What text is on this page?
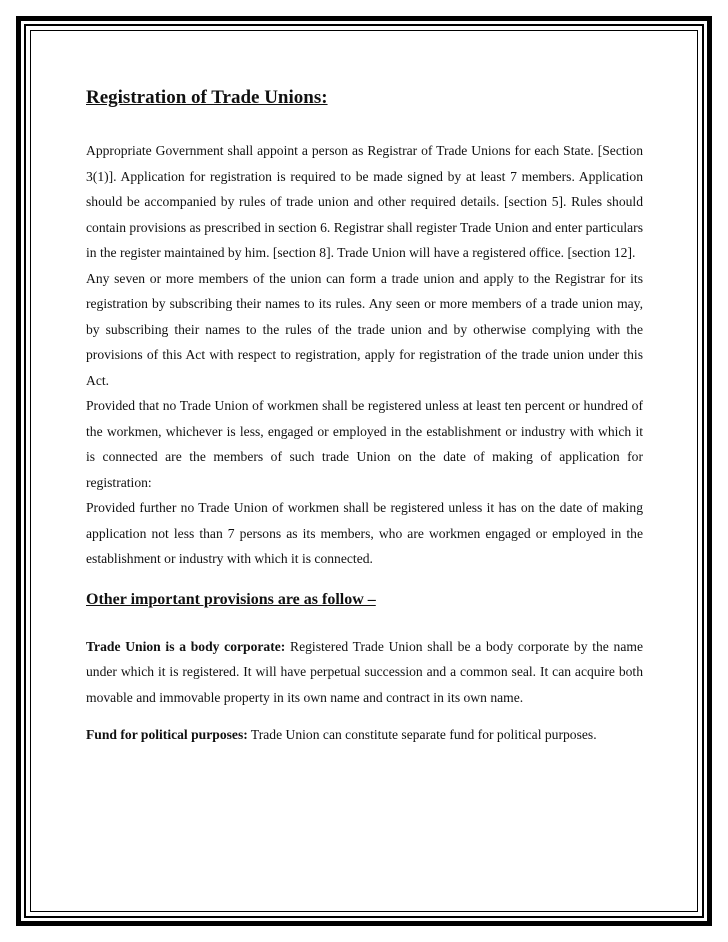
Registration of Trade Unions:

Appropriate Government shall appoint a person as Registrar of Trade Unions for each State. [Section 3(1)]. Application for registration is required to be made signed by at least 7 members. Application should be accompanied by rules of trade union and other required details. [section 5]. Rules should contain provisions as prescribed in section 6. Registrar shall register Trade Union and enter particulars in the register maintained by him. [section 8]. Trade Union will have a registered office. [section 12].

Any seven or more members of the union can form a trade union and apply to the Registrar for its registration by subscribing their names to its rules. Any seen or more members of a trade union may, by subscribing their names to the rules of the trade union and by otherwise complying with the provisions of this Act with respect to registration, apply for registration of the trade union under this Act.

Provided that no Trade Union of workmen shall be registered unless at least ten percent or hundred of the workmen, whichever is less, engaged or employed in the establishment or industry with which it is connected are the members of such trade Union on the date of making of application for registration:

Provided further no Trade Union of workmen shall be registered unless it has on the date of making application not less than 7 persons as its members, who are workmen engaged or employed in the establishment or industry with which it is connected.

Other important provisions are as follow –

Trade Union is a body corporate: Registered Trade Union shall be a body corporate by the name under which it is registered. It will have perpetual succession and a common seal. It can acquire both movable and immovable property in its own name and contract in its own name.

Fund for political purposes: Trade Union can constitute separate fund for political purposes.
